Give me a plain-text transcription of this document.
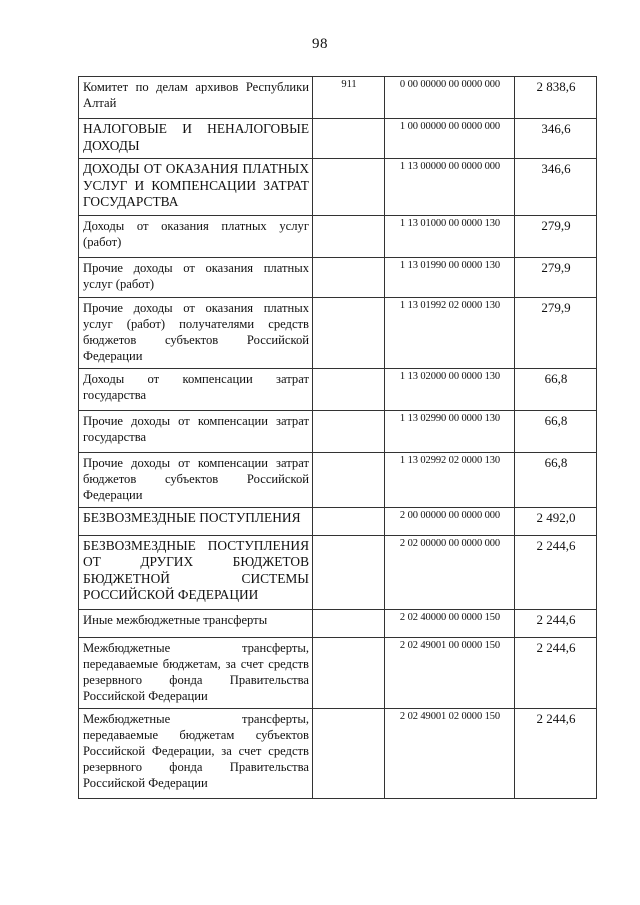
98
Комитет по делам архивов Республики Алтай	911	0 00 00000 00 0000 000	2 838,6
НАЛОГОВЫЕ И НЕНАЛОГОВЫЕ ДОХОДЫ		1 00 00000 00 0000 000	346,6
ДОХОДЫ ОТ ОКАЗАНИЯ ПЛАТНЫХ УСЛУГ И КОМПЕНСАЦИИ ЗАТРАТ ГОСУДАРСТВА		1 13 00000 00 0000 000	346,6
Доходы от оказания платных услуг (работ)		1 13 01000 00 0000 130	279,9
Прочие доходы от оказания платных услуг (работ)		1 13 01990 00 0000 130	279,9
Прочие доходы от оказания платных услуг (работ) получателями средств бюджетов субъектов Российской Федерации		1 13 01992 02 0000 130	279,9
Доходы от компенсации затрат государства		1 13 02000 00 0000 130	66,8
Прочие доходы от компенсации затрат государства		1 13 02990 00 0000 130	66,8
Прочие доходы от компенсации затрат бюджетов субъектов Российской Федерации		1 13 02992 02 0000 130	66,8
БЕЗВОЗМЕЗДНЫЕ ПОСТУПЛЕНИЯ		2 00 00000 00 0000 000	2 492,0
БЕЗВОЗМЕЗДНЫЕ ПОСТУПЛЕНИЯ ОТ ДРУГИХ БЮДЖЕТОВ БЮДЖЕТНОЙ СИСТЕМЫ РОССИЙСКОЙ ФЕДЕРАЦИИ		2 02 00000 00 0000 000	2 244,6
Иные межбюджетные трансферты		2 02 40000 00 0000 150	2 244,6
Межбюджетные трансферты, передаваемые бюджетам, за счет средств резервного фонда Правительства Российской Федерации		2 02 49001 00 0000 150	2 244,6
Межбюджетные трансферты, передаваемые бюджетам субъектов Российской Федерации, за счет средств резервного фонда Правительства Российской Федерации		2 02 49001 02 0000 150	2 244,6
